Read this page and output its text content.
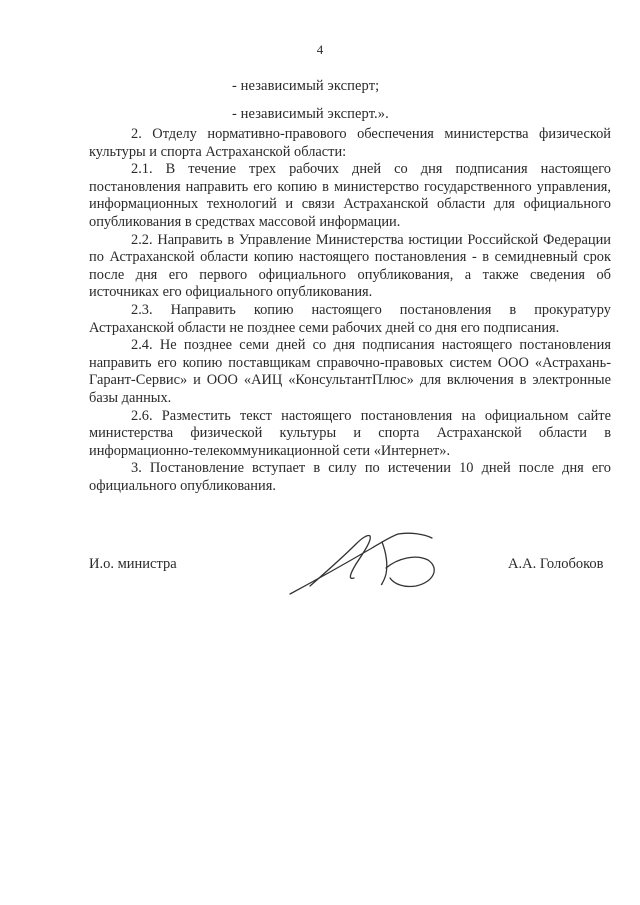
4
- независимый эксперт;
- независимый эксперт.».

2. Отделу нормативно-правового обеспечения министерства физической культуры и спорта Астраханской области:

2.1. В течение трех рабочих дней со дня подписания настоящего постановления направить его копию в министерство государственного управления, информационных технологий и связи Астраханской области для официального опубликования в средствах массовой информации.

2.2. Направить в Управление Министерства юстиции Российской Федерации по Астраханской области копию настоящего постановления - в семидневный срок после дня его первого официального опубликования, а также сведения об источниках его официального опубликования.

2.3. Направить копию настоящего постановления в прокуратуру Астраханской области не позднее семи рабочих дней со дня его подписания.

2.4. Не позднее семи дней со дня подписания настоящего постановления направить его копию поставщикам справочно-правовых систем ООО «Астрахань-Гарант-Сервис» и ООО «АИЦ «КонсультантПлюс» для включения в электронные базы данных.

2.6. Разместить текст настоящего постановления на официальном сайте министерства физической культуры и спорта Астраханской области в информационно-телекоммуникационной сети «Интернет».

3. Постановление вступает в силу по истечении 10 дней после дня его официального опубликования.

И.о. министра	А.А. Голобоков
